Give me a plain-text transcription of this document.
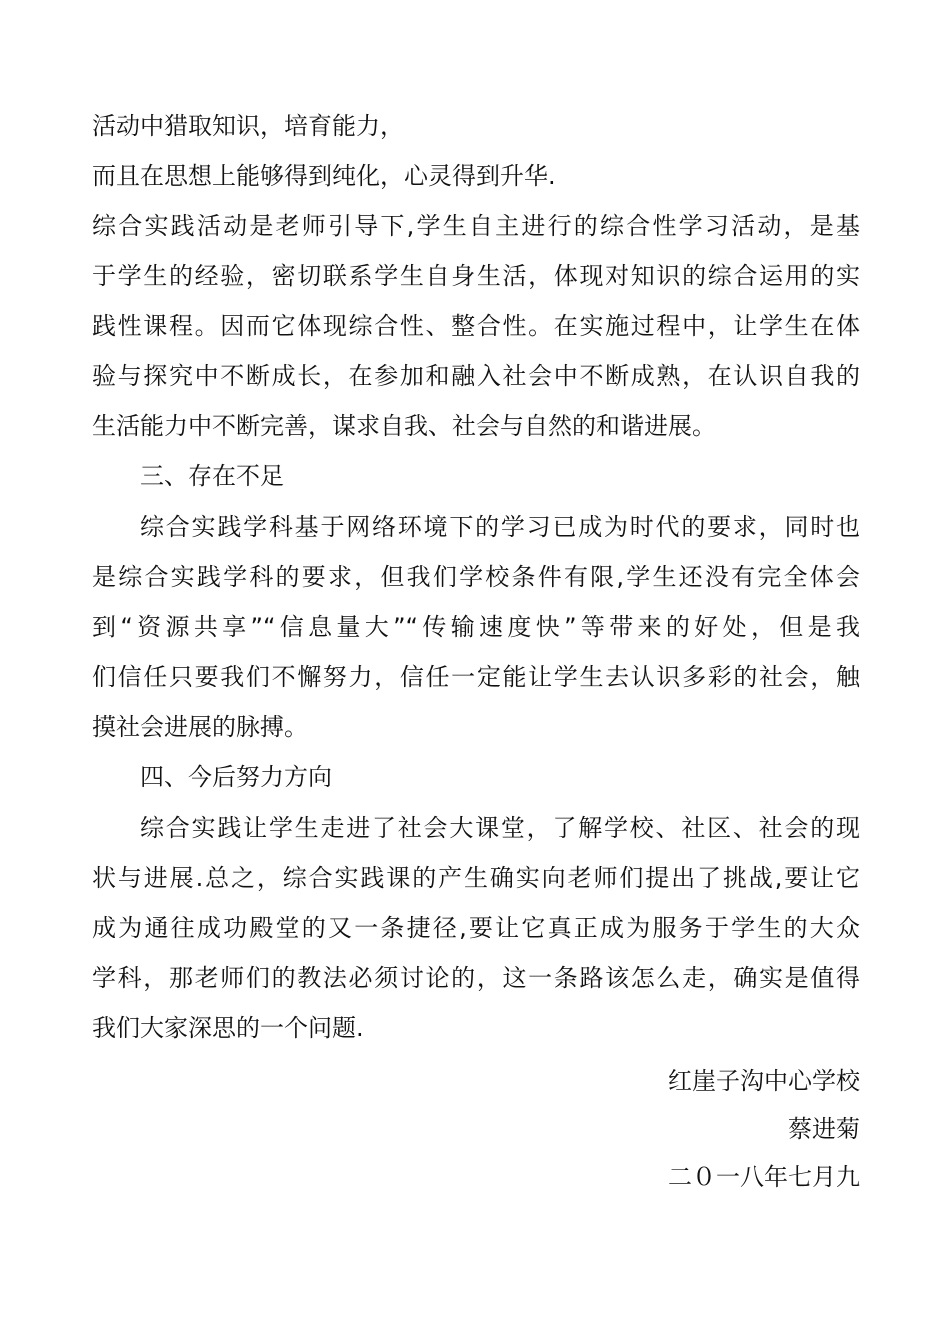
活动中猎取知识，培育能力，
而且在思想上能够得到纯化，心灵得到升华.
综合实践活动是老师引导下,学生自主进行的综合性学习活动，是基
于学生的经验，密切联系学生自身生活，体现对知识的综合运用的实
践性课程。因而它体现综合性、整合性。在实施过程中，让学生在体
验与探究中不断成长，在参加和融入社会中不断成熟，在认识自我的
生活能力中不断完善，谋求自我、社会与自然的和谐进展。
三、存在不足
综合实践学科基于网络环境下的学习已成为时代的要求，同时也
是综合实践学科的要求，但我们学校条件有限,学生还没有完全体会
到“资源共享”“信息量大”“传输速度快”等带来的好处，但是我
们信任只要我们不懈努力，信任一定能让学生去认识多彩的社会，触
摸社会进展的脉搏。
四、今后努力方向
综合实践让学生走进了社会大课堂，了解学校、社区、社会的现
状与进展.总之，综合实践课的产生确实向老师们提出了挑战,要让它
成为通往成功殿堂的又一条捷径,要让它真正成为服务于学生的大众
学科，那老师们的教法必须讨论的，这一条路该怎么走，确实是值得
我们大家深思的一个问题.
红崖子沟中心学校
蔡进菊
二０一八年七月九
